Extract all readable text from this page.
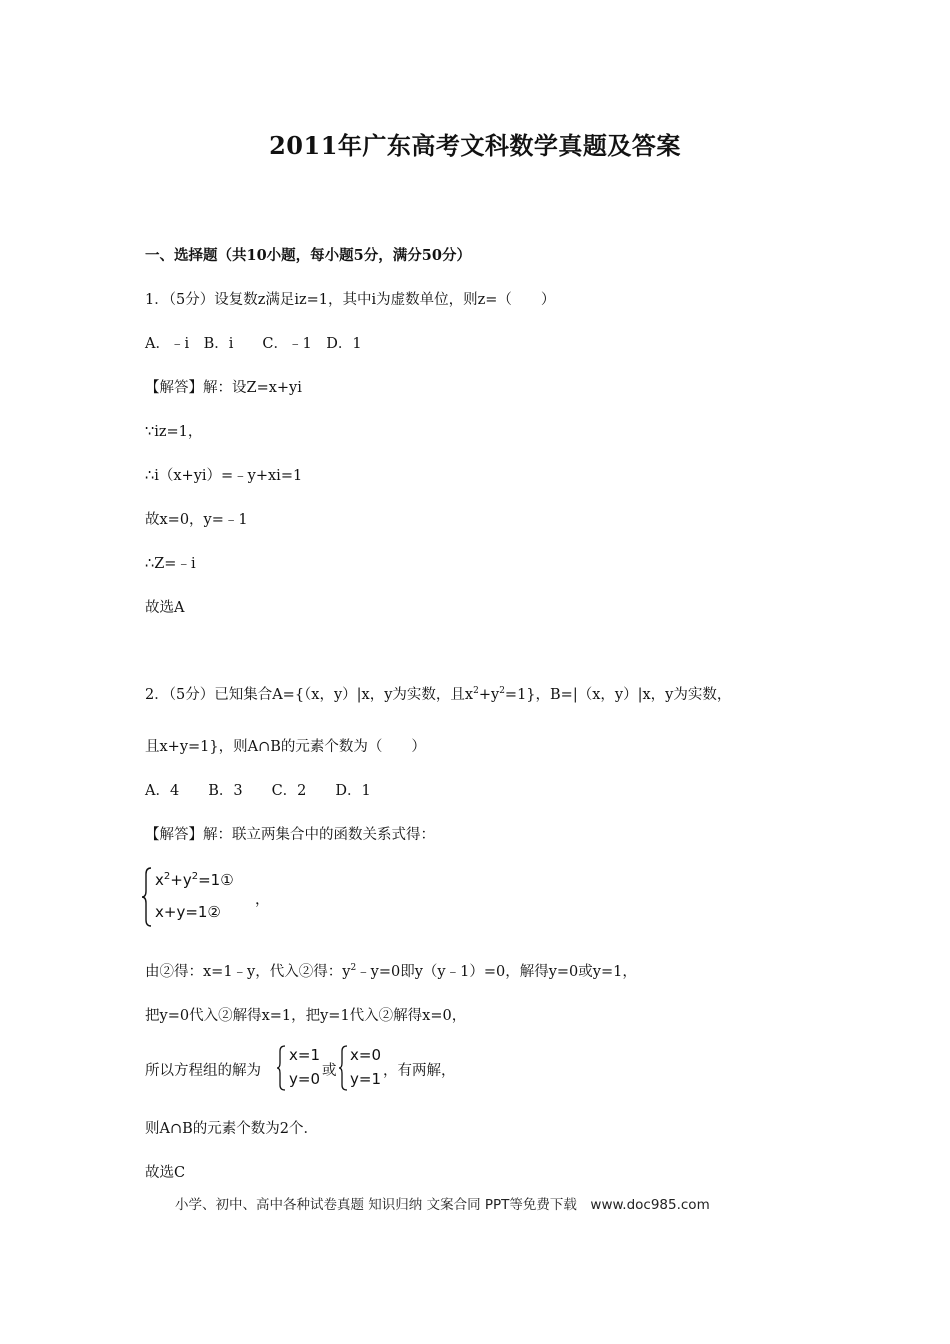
2011年广东高考文科数学真题及答案
一、选择题（共10小题，每小题5分，满分50分）
1．（5分）设复数z满足iz=1，其中i为虚数单位，则z=（　　）
A．﹣i　B．i　　C．﹣1　D．1
【解答】解：设Z=x+yi
∵iz=1，
∴i（x+yi）=﹣y+xi=1
故x=0，y=﹣1
∴Z=﹣i
故选A
2．（5分）已知集合A={（x，y）|x，y为实数，且$x^2+y^2=1$}，B=|（x，y）|x，y为实数，
且x+y=1}，则A∩B的元素个数为（　　）
A．4　　B．3　　C．2　　D．1
【解答】解：联立两集合中的函数关系式得：
$x^2+y^2=1①$
x+y=1②
，
由②得：x=1﹣y，代入②得：$y^2﹣y=0$即y（y﹣1）=0，解得y=0或y=1，
把y=0代入②解得x=1，把y=1代入②解得x=0，
所以方程组的解为
x=1
y=0 或
x=0
y=1 ，有两解，
则A∩B的元素个数为2个．
故选C
小学、初中、高中各种试卷真题 知识归纳 文案合同 PPT等免费下载　www.doc985.com
